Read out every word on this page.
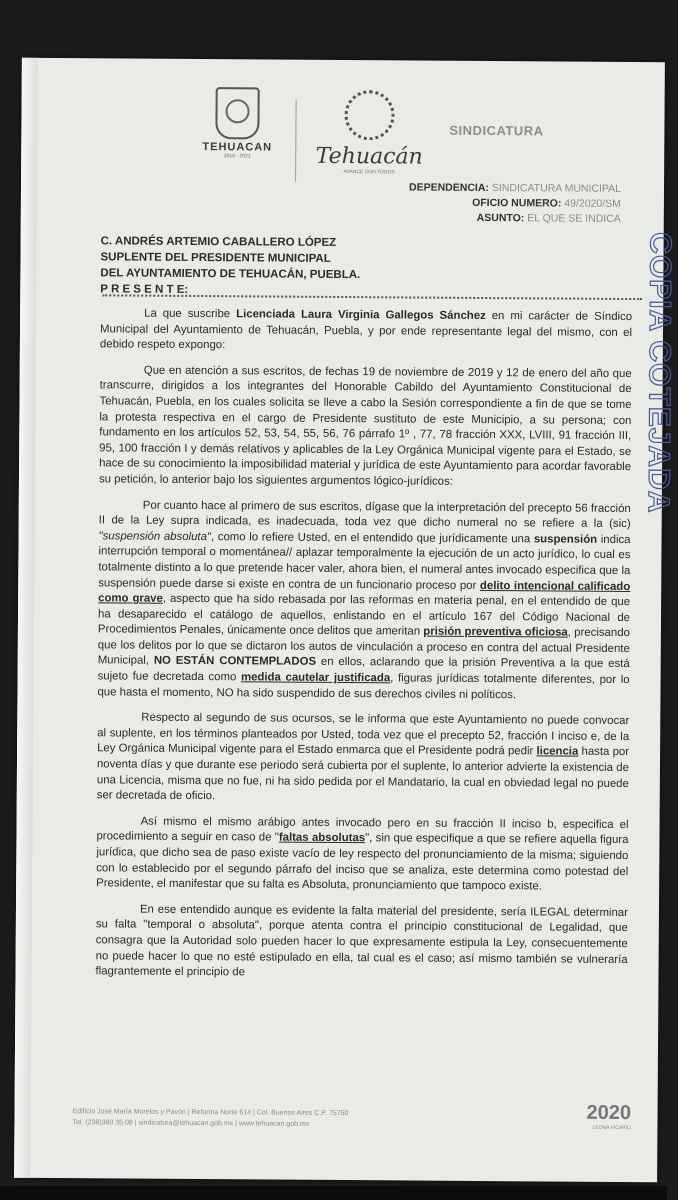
TEHUACAN
2018 - 2021	Tehuacán
AVANCE CON TODOS
SINDICATURA
DEPENDENCIA: SINDICATURA MUNICIPAL
OFICIO NUMERO: 49/2020/SM
ASUNTO: EL QUE SE INDICA
C. ANDRÉS ARTEMIO CABALLERO LÓPEZ
SUPLENTE DEL PRESIDENTE MUNICIPAL
DEL AYUNTAMIENTO DE TEHUACÁN, PUEBLA.
P R E S E N T E:	COPIA COTEJADA

La que suscribe Licenciada Laura Virginia Gallegos Sánchez en mi carácter de Síndico Municipal del Ayuntamiento de Tehuacán, Puebla, y por ende representante legal del mismo, con el debido respeto expongo:

Que en atención a sus escritos, de fechas 19 de noviembre de 2019 y 12 de enero del año que transcurre, dirigidos a los integrantes del Honorable Cabildo del Ayuntamiento Constitucional de Tehuacán, Puebla, en los cuales solicita se lleve a cabo la Sesión correspondiente a fin de que se tome la protesta respectiva en el cargo de Presidente sustituto de este Municipio, a su persona; con fundamento en los artículos 52, 53, 54, 55, 56, 76 párrafo 1º , 77, 78 fracción XXX, LVIII, 91 fracción III, 95, 100 fracción I y demás relativos y aplicables de la Ley Orgánica Municipal vigente para el Estado, se hace de su conocimiento la imposibilidad material y jurídica de este Ayuntamiento para acordar favorable su petición, lo anterior bajo los siguientes argumentos lógico-jurídicos:

Por cuanto hace al primero de sus escritos, dígase que la interpretación del precepto 56 fracción II de la Ley supra indicada, es inadecuada, toda vez que dicho numeral no se refiere a la (sic) "suspensión absoluta", como lo refiere Usted, en el entendido que jurídicamente una suspensión indica interrupción temporal o momentánea// aplazar temporalmente la ejecución de un acto jurídico, lo cual es totalmente distinto a lo que pretende hacer valer, ahora bien, el numeral antes invocado especifica que la suspensión puede darse si existe en contra de un funcionario proceso por delito intencional calificado como grave, aspecto que ha sido rebasada por las reformas en materia penal, en el entendido de que ha desaparecido el catálogo de aquellos, enlistando en el artículo 167 del Código Nacional de Procedimientos Penales, únicamente once delitos que ameritan prisión preventiva oficiosa, precisando que los delitos por lo que se dictaron los autos de vinculación a proceso en contra del actual Presidente Municipal, NO ESTÁN CONTEMPLADOS en ellos, aclarando que la prisión Preventiva a la que está sujeto fue decretada como medida cautelar justificada, figuras jurídicas totalmente diferentes, por lo que hasta el momento, NO ha sido suspendido de sus derechos civiles ni políticos.

Respecto al segundo de sus ocursos, se le informa que este Ayuntamiento no puede convocar al suplente, en los términos planteados por Usted, toda vez que el precepto 52, fracción I inciso e, de la Ley Orgánica Municipal vigente para el Estado enmarca que el Presidente podrá pedir licencia hasta por noventa días y que durante ese periodo será cubierta por el suplente, lo anterior advierte la existencia de una Licencia, misma que no fue, ni ha sido pedida por el Mandatario, la cual en obviedad legal no puede ser decretada de oficio.

Así mismo el mismo arábigo antes invocado pero en su fracción II inciso b, especifica el procedimiento a seguir en caso de "faltas absolutas", sin que especifique a que se refiere aquella figura jurídica, que dicho sea de paso existe vacío de ley respecto del pronunciamiento de la misma; siguiendo con lo establecido por el segundo párrafo del inciso que se analiza, este determina como potestad del Presidente, el manifestar que su falta es Absoluta, pronunciamiento que tampoco existe.

En ese entendido aunque es evidente la falta material del presidente, sería ILEGAL determinar su falta "temporal o absoluta", porque atenta contra el principio constitucional de Legalidad, que consagra que la Autoridad solo pueden hacer lo que expresamente estipula la Ley, consecuentemente no puede hacer lo que no esté estipulado en ella, tal cual es el caso; así mismo también se vulneraría flagrantemente el principio de

Edificio José María Morelos y Pavón | Reforma Norte 614 | Col. Buenos Aires C.P. 75750
Tel. (238)380 35 08 | sindicatura@tehuacan.gob.mx | www.tehuacan.gob.mx	2020
LEONA VICARIO
